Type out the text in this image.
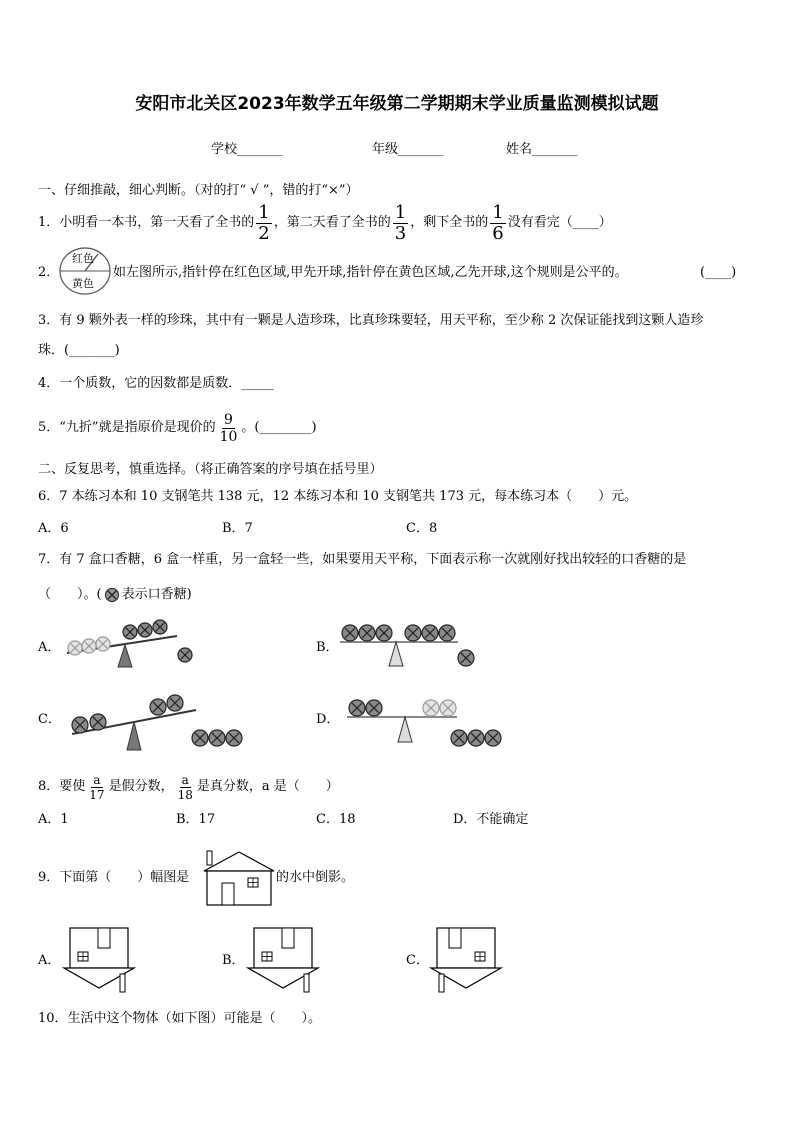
安阳市北关区2023年数学五年级第二学期期末学业质量监测模拟试题
学校_______	年级_______	姓名_______
一、仔细推敲，细心判断。（对的打“ √ ”，错的打“×”）
1． 小明看一本书，第一天看了全书的 $\frac{1}{2}$ ，第二天看了全书的 $\frac{1}{3}$ ，剩下全书的 $\frac{1}{6}$ 没有看完（____）
2．
红色
黄色
如左图所示,指针停在红色区域,甲先开球,指针停在黄色区域,乙先开球,这个规则是公平的。	(____)
3．有 9 颗外表一样的珍珠，其中有一颗是人造珍珠，比真珍珠要轻，用天平称，至少称 2 次保证能找到这颗人造珍
珠．(_______)
4．一个质数，它的因数都是质数．_____
5．“九折”就是指原价是现价的 $\frac{9}{10}$ 。(________)
二、反复思考，慎重选择。（将正确答案的序号填在括号里）
6．7 本练习本和 10 支钢笔共 138 元，12 本练习本和 10 支钢笔共 173 元，每本练习本（　　）元。
A．6	B．7	C．8
7．有 7 盒口香糖，6 盒一样重，另一盒轻一些，如果要用天平称，下面表示称一次就刚好找出较轻的口香糖的是
（　　）。( 表示口香糖)
A．	B．
C．	D．
8．要使 $\frac{a}{17}$ 是假分数， $\frac{a}{18}$ 是真分数，a 是（　　）
A．1	B．17	C．18	D．不能确定
9．下面第（　　）幅图是	的水中倒影。
A．	B．	C．
10．生活中这个物体（如下图）可能是（　　）。
